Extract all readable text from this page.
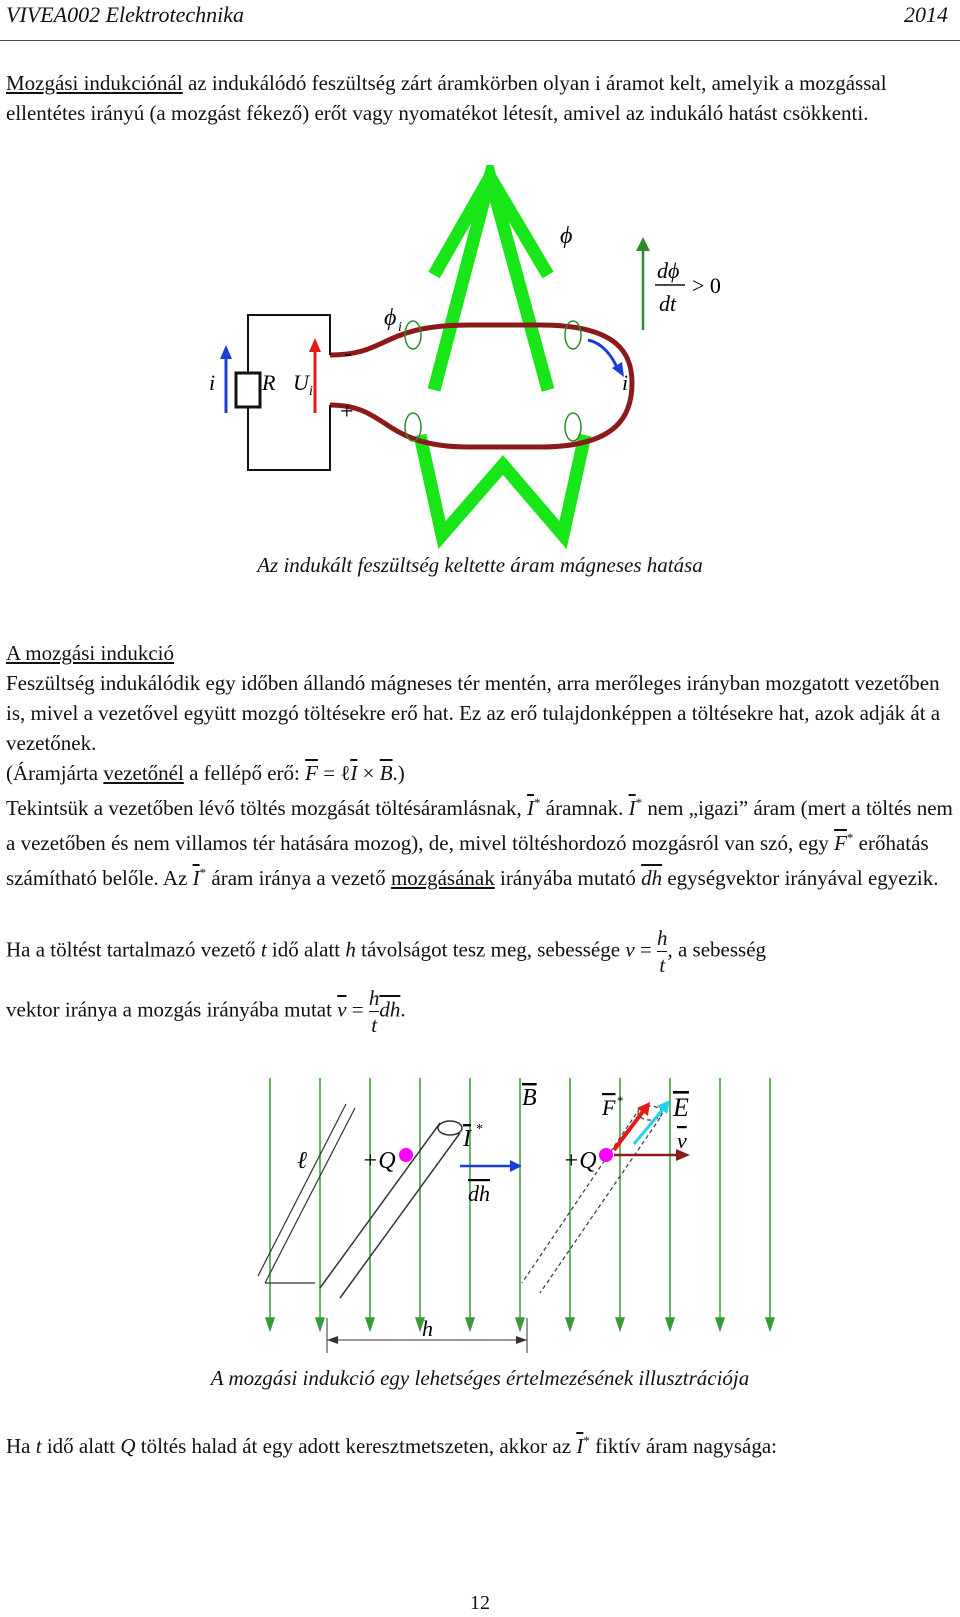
VIVEA002 Elektrotechnika	2014

Mozgási indukciónál az indukálódó feszültség zárt áramkörben olyan i áramot kelt, amelyik a mozgással ellentétes irányú (a mozgást fékező) erőt vagy nyomatékot létesít, amivel az indukáló hatást csökkenti.

ϕ
ϕ i
dϕ
dt
> 0
i R U i
-
+
i
Az indukált feszültség keltette áram mágneses hatása

A mozgási indukció

Feszültség indukálódik egy időben állandó mágneses tér mentén, arra merőleges irányban mozgatott vezetőben is, mivel a vezetővel együtt mozgó töltésekre erő hat. Ez az erő tulajdonképpen a töltésekre hat, azok adják át a vezetőnek.

(Áramjárta vezetőnél a fellépő erő: $\overline{F}$ = $\ell\overline{I} \times \overline{B}$.)

Tekintsük a vezetőben lévő töltés mozgását töltésáramlásnak, $\overline{I}^*$ áramnak. $\overline{I}^*$ nem „igazi” áram (mert a töltés nem a vezetőben és nem villamos tér hatására mozog), de, mivel töltéshordozó mozgásról van szó, egy $\overline{F}^*$ erőhatás számítható belőle. Az $\overline{I}^*$ áram iránya a vezető mozgásának irányába mutató $\overline{dh}$ egységvektor irányával egyezik.

Ha a töltést tartalmazó vezető t idő alatt h távolságot tesz meg, sebessége $v = \frac{h}{t}$ , a sebesség

vektor iránya a mozgás irányába mutat $\overline{v} = \frac{h}{t} \overline{dh}$.

B
I *
dh
ℓ +Q	+Q
F * E
v
h
A mozgási indukció egy lehetséges értelmezésének illusztrációja

Ha t idő alatt Q töltés halad át egy adott keresztmetszeten, akkor az $\overline{I}^*$ fiktív áram nagysága:

12
